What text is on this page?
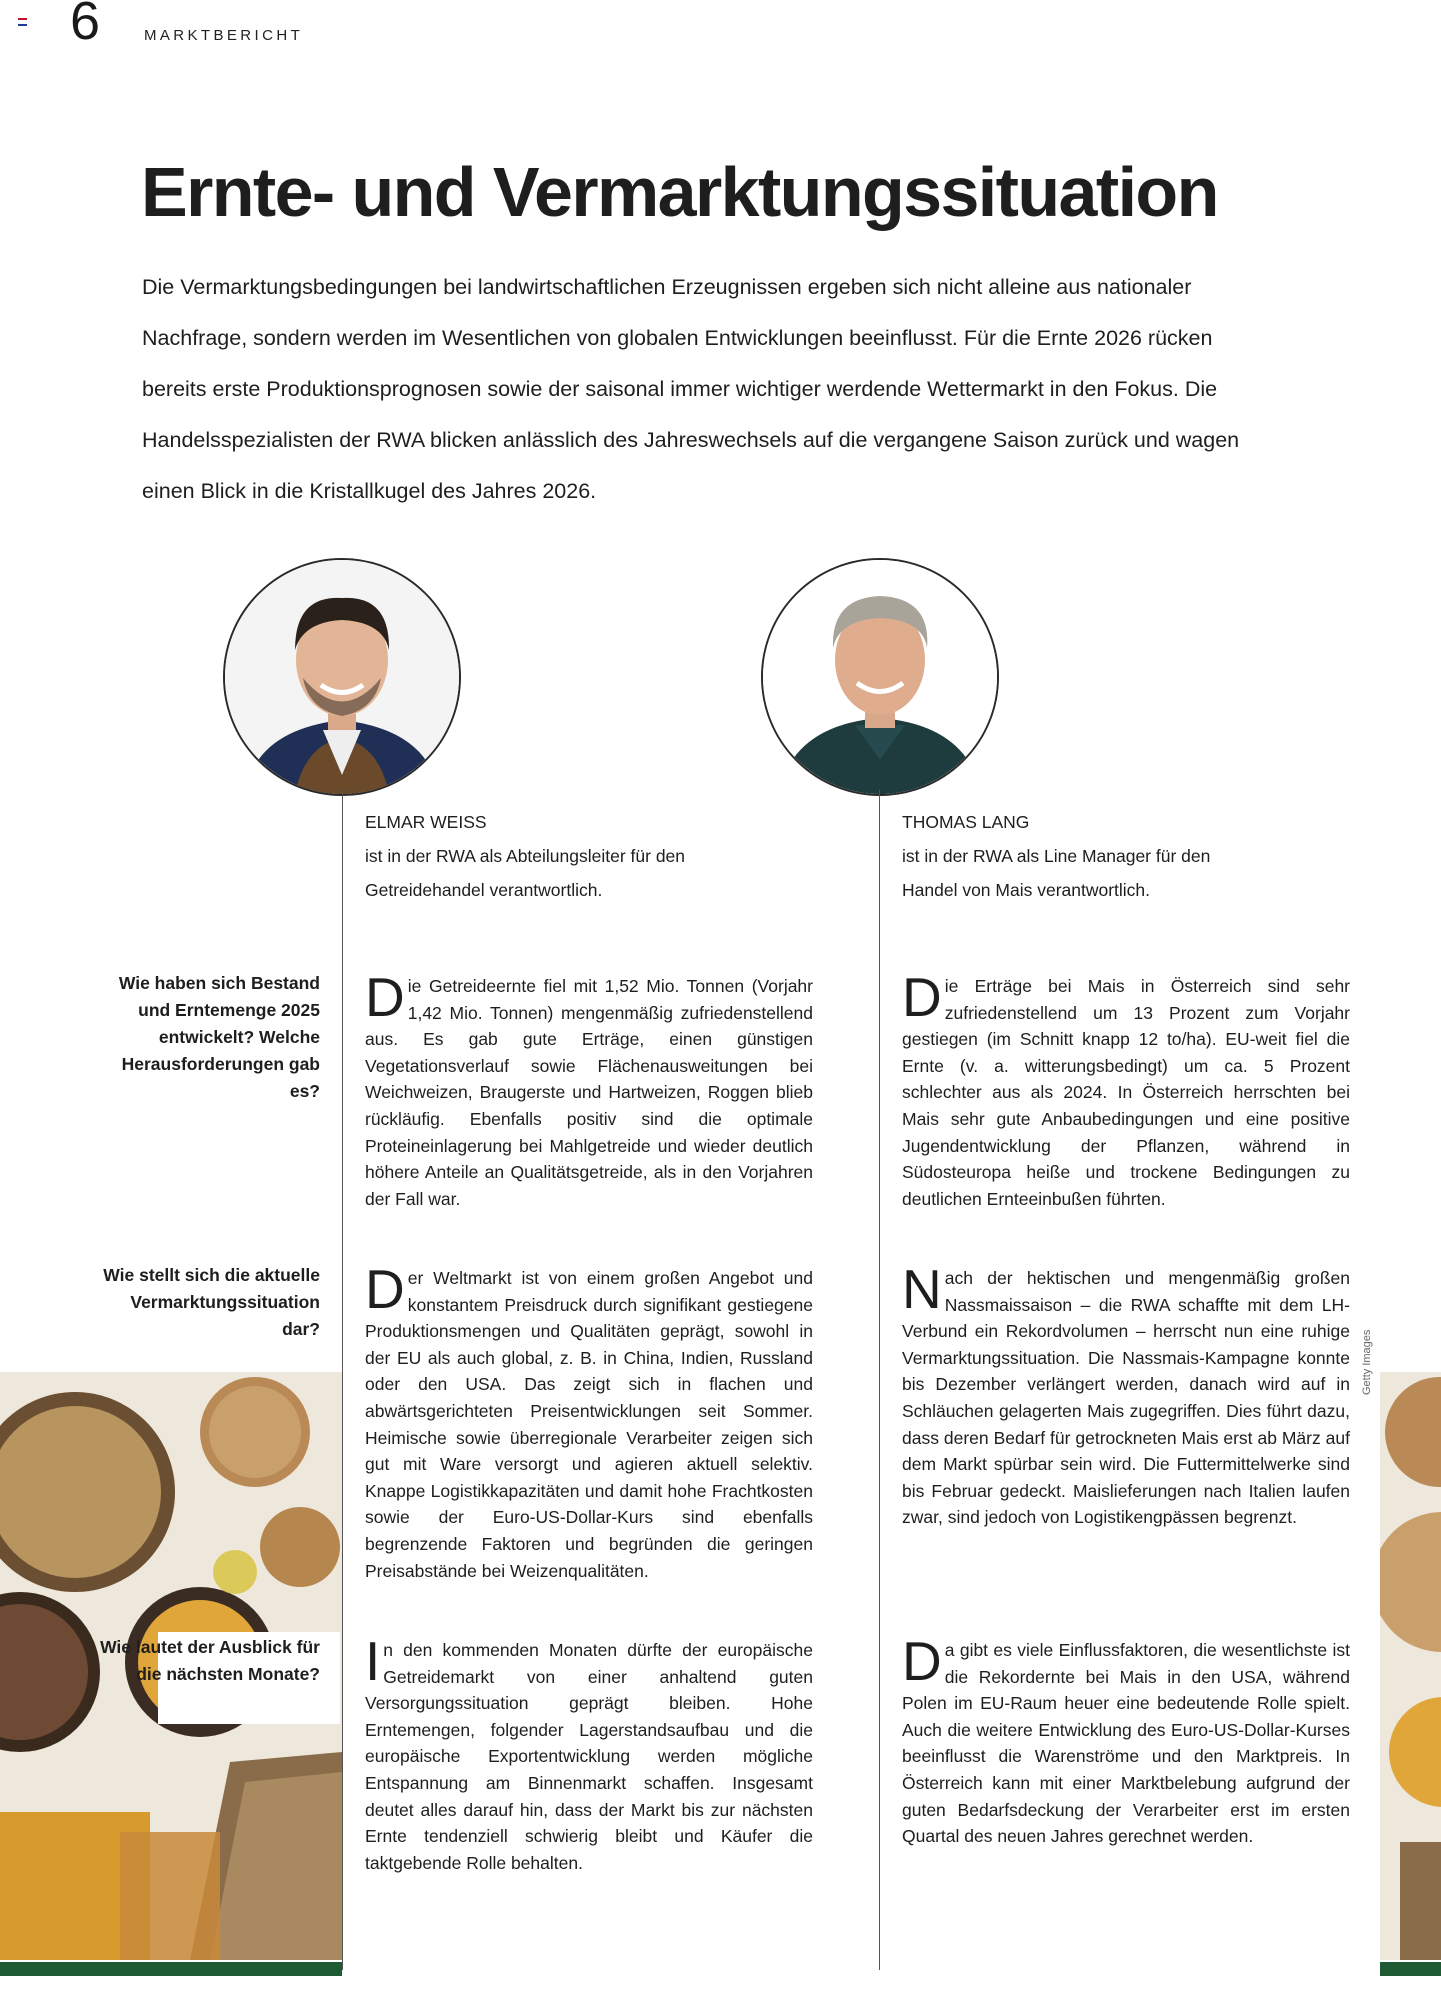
6	MARKTBERICHT
Ernte- und Vermarktungssituation

Die Vermarktungsbedingungen bei landwirtschaftlichen Erzeugnissen ergeben sich nicht alleine aus nationaler Nachfrage, sondern werden im Wesentlichen von globalen Entwicklungen beeinflusst. Für die Ernte 2026 rücken bereits erste Produktionsprognosen sowie der saisonal immer wichtiger werdende Wettermarkt in den Fokus. Die Handelsspezialisten der RWA blicken anlässlich des Jahreswechsels auf die vergangene Saison zurück und wagen einen Blick in die Kristallkugel des Jahres 2026.

ELMAR WEISS
ist in der RWA als Abteilungsleiter für den Getreidehandel verantwortlich.
THOMAS LANG
ist in der RWA als Line Manager für den Handel von Mais verantwortlich.
Getty Images
Wie haben sich Bestand und Erntemenge 2025 entwickelt? Welche Herausforderungen gab es?
Wie stellt sich die aktuelle Vermarktungssituation dar?
Wie lautet der Ausblick für die nächsten Monate?

Die Getreideernte fiel mit 1,52 Mio. Tonnen (Vorjahr 1,42 Mio. Tonnen) mengenmäßig zufriedenstellend aus. Es gab gute Erträge, einen günstigen Vegetationsverlauf sowie Flächenausweitungen bei Weichweizen, Braugerste und Hartweizen, Roggen blieb rückläufig. Ebenfalls positiv sind die optimale Proteineinlagerung bei Mahlgetreide und wieder deutlich höhere Anteile an Qualitätsgetreide, als in den Vorjahren der Fall war.

Die Erträge bei Mais in Österreich sind sehr zufriedenstellend um 13 Prozent zum Vorjahr gestiegen (im Schnitt knapp 12 to/ha). EU-weit fiel die Ernte (v. a. witterungsbedingt) um ca. 5 Prozent schlechter aus als 2024. In Österreich herrschten bei Mais sehr gute Anbaubedingungen und eine positive Jugendentwicklung der Pflanzen, während in Südosteuropa heiße und trockene Bedingungen zu deutlichen Ernteeinbußen führten.

Der Weltmarkt ist von einem großen Angebot und konstantem Preisdruck durch signifikant gestiegene Produktionsmengen und Qualitäten geprägt, sowohl in der EU als auch global, z. B. in China, Indien, Russland oder den USA. Das zeigt sich in flachen und abwärtsgerichteten Preisentwicklungen seit Sommer. Heimische sowie überregionale Verarbeiter zeigen sich gut mit Ware versorgt und agieren aktuell selektiv. Knappe Logistikkapazitäten und damit hohe Frachtkosten sowie der Euro-US-Dollar-Kurs sind ebenfalls begrenzende Faktoren und begründen die geringen Preisabstände bei Weizenqualitäten.

Nach der hektischen und mengenmäßig großen Nassmaissaison – die RWA schaffte mit dem LH-Verbund ein Rekordvolumen – herrscht nun eine ruhige Vermarktungssituation. Die Nassmais-Kampagne konnte bis Dezember verlängert werden, danach wird auf in Schläuchen gelagerten Mais zugegriffen. Dies führt dazu, dass deren Bedarf für getrockneten Mais erst ab März auf dem Markt spürbar sein wird. Die Futtermittelwerke sind bis Februar gedeckt. Maislieferungen nach Italien laufen zwar, sind jedoch von Logistikengpässen begrenzt.

In den kommenden Monaten dürfte der europäische Getreidemarkt von einer anhaltend guten Versorgungssituation geprägt bleiben. Hohe Erntemengen, folgender Lagerstandsaufbau und die europäische Exportentwicklung werden mögliche Entspannung am Binnenmarkt schaffen. Insgesamt deutet alles darauf hin, dass der Markt bis zur nächsten Ernte tendenziell schwierig bleibt und Käufer die taktgebende Rolle behalten.

Da gibt es viele Einflussfaktoren, die wesentlichste ist die Rekordernte bei Mais in den USA, während Polen im EU-Raum heuer eine bedeutende Rolle spielt. Auch die weitere Entwicklung des Euro-US-Dollar-Kurses beeinflusst die Warenströme und den Marktpreis. In Österreich kann mit einer Marktbelebung aufgrund der guten Bedarfsdeckung der Verarbeiter erst im ersten Quartal des neuen Jahres gerechnet werden.
